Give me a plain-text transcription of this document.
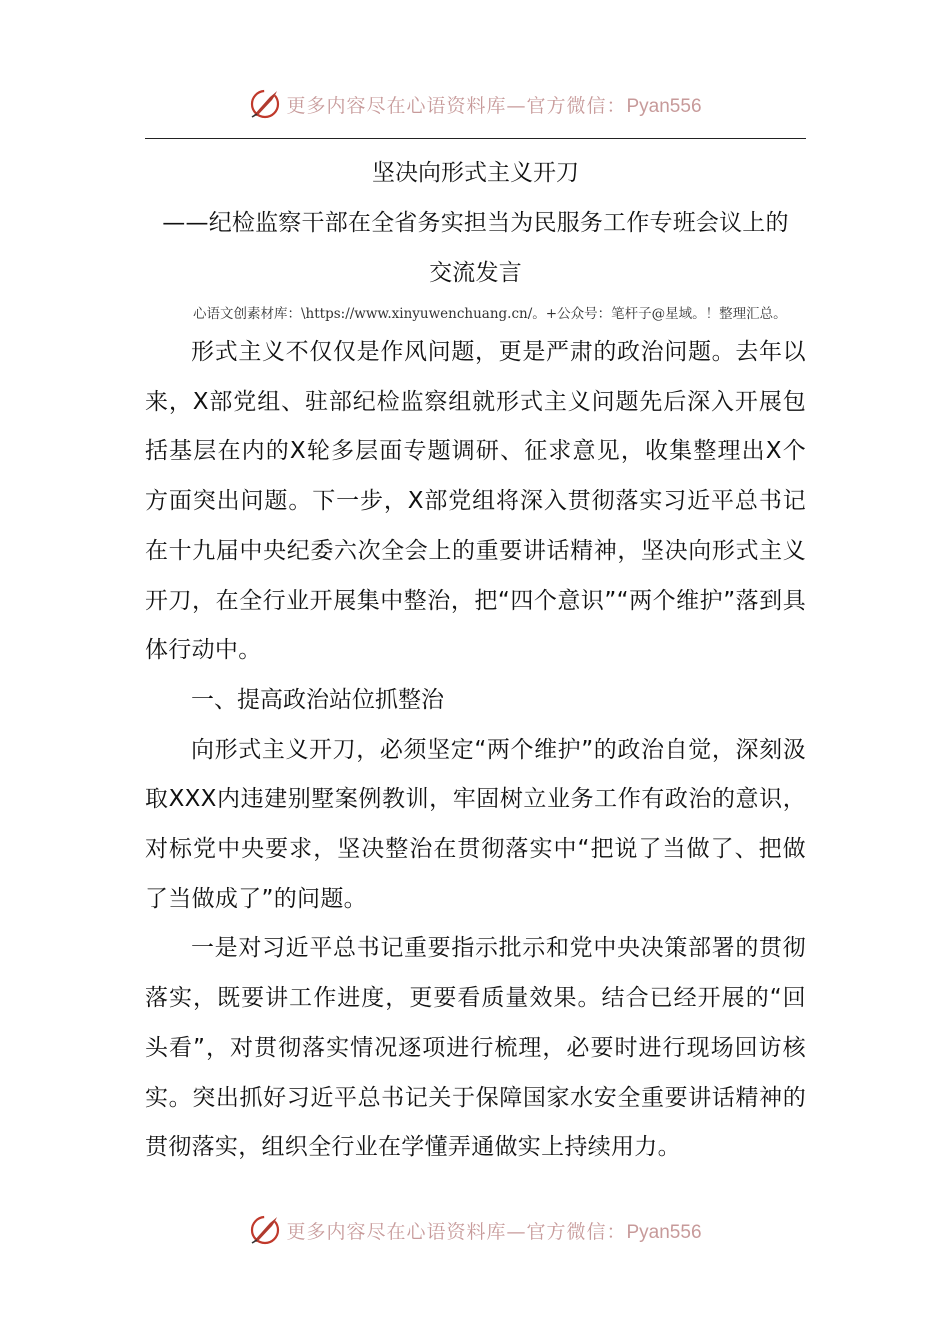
更多内容尽在心语资料库—官方微信：Pyan556

坚决向形式主义开刀

——纪检监察干部在全省务实担当为民服务工作专班会议上的

交流发言

心语文创素材库：\https://www.xinyuwenchuang.cn/。+公众号：笔杆子@星域。！整理汇总。

形式主义不仅仅是作风问题，更是严肃的政治问题。去年以来，X部党组、驻部纪检监察组就形式主义问题先后深入开展包括基层在内的X轮多层面专题调研、征求意见，收集整理出X个方面突出问题。下一步，X部党组将深入贯彻落实习近平总书记在十九届中央纪委六次全会上的重要讲话精神，坚决向形式主义开刀，在全行业开展集中整治，把“四个意识”“两个维护”落到具体行动中。

一、提高政治站位抓整治

向形式主义开刀，必须坚定“两个维护”的政治自觉，深刻汲取XXX内违建别墅案例教训，牢固树立业务工作有政治的意识，对标党中央要求，坚决整治在贯彻落实中“把说了当做了、把做了当做成了”的问题。

一是对习近平总书记重要指示批示和党中央决策部署的贯彻落实，既要讲工作进度，更要看质量效果。结合已经开展的“回头看”，对贯彻落实情况逐项进行梳理，必要时进行现场回访核实。突出抓好习近平总书记关于保障国家水安全重要讲话精神的贯彻落实，组织全行业在学懂弄通做实上持续用力。

更多内容尽在心语资料库—官方微信：Pyan556
